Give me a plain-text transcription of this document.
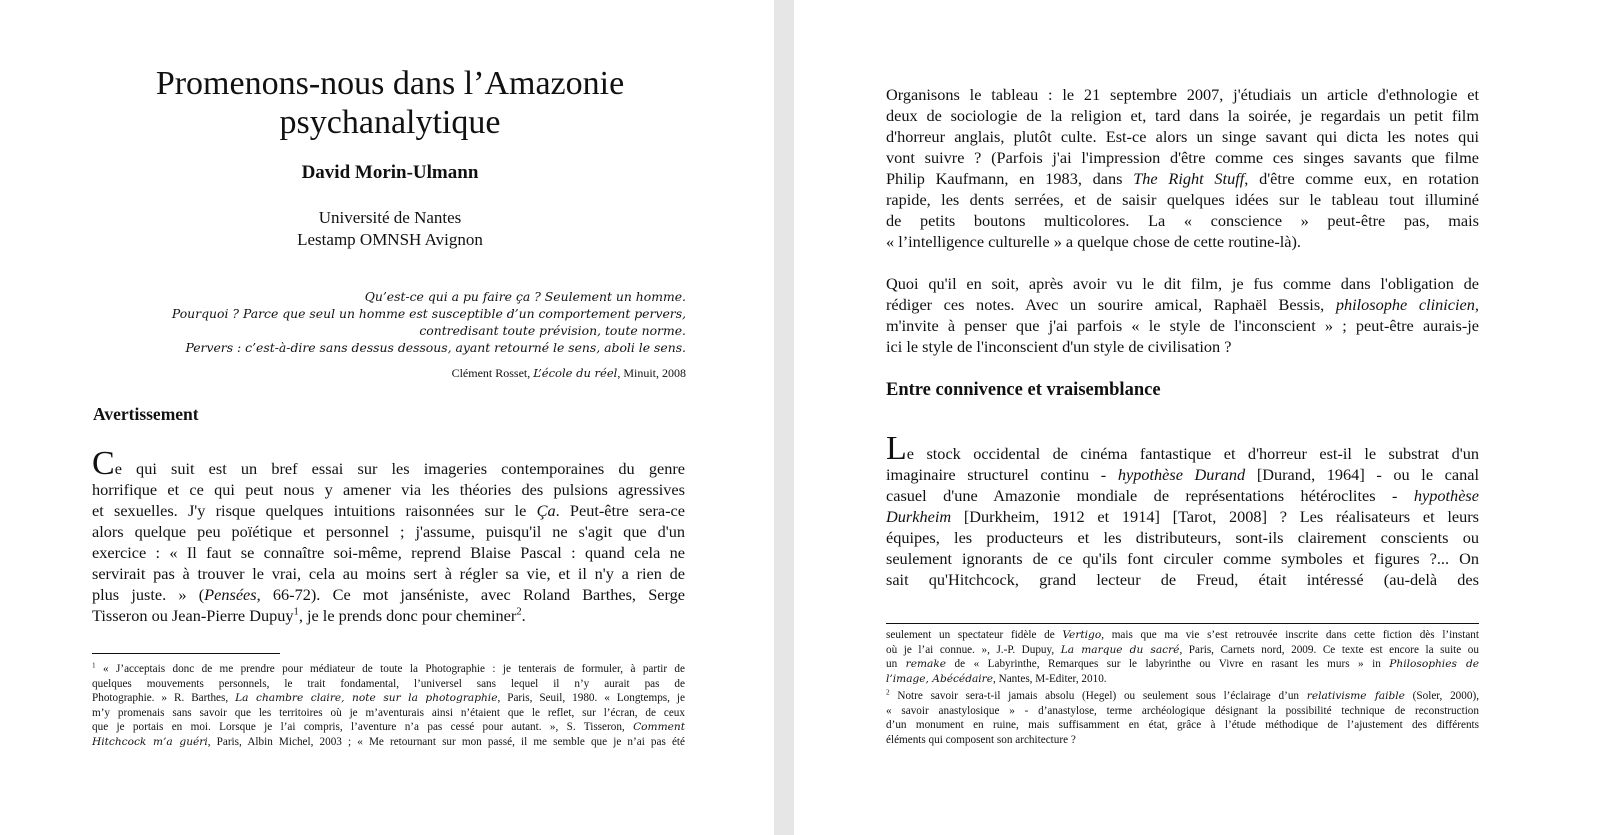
Promenons-nous dans l’Amazonie
psychanalytique
David Morin-Ulmann
Université de Nantes
Lestamp OMNSH Avignon
Qu’est-ce qui a pu faire ça ? Seulement un homme.
Pourquoi ? Parce que seul un homme est susceptible d’un comportement pervers,
contredisant toute prévision, toute norme.
Pervers : c’est-à-dire sans dessus dessous, ayant retourné le sens, aboli le sens.
Clément Rosset, L’école du réel, Minuit, 2008
Avertissement
Ce qui suit est un bref essai sur les imageries contemporaines du genre
horrifique et ce qui peut nous y amener via les théories des pulsions agressives
et sexuelles. J'y risque quelques intuitions raisonnées sur le Ça. Peut-être sera-ce
alors quelque peu poïétique et personnel ; j'assume, puisqu'il ne s'agit que d'un
exercice : « Il faut se connaître soi-même, reprend Blaise Pascal : quand cela ne
servirait pas à trouver le vrai, cela au moins sert à régler sa vie, et il n'y a rien de
plus juste. » (Pensées, 66-72). Ce mot janséniste, avec Roland Barthes, Serge
Tisseron ou Jean-Pierre Dupuy$^1$, je le prends donc pour cheminer$^2$.
$^1$ « J’acceptais donc de me prendre pour médiateur de toute la Photographie : je tenterais de formuler, à partir de
quelques mouvements personnels, le trait fondamental, l’universel sans lequel il n’y aurait pas de
Photographie. » R. Barthes, La chambre claire, note sur la photographie, Paris, Seuil, 1980. « Longtemps, je
m’y promenais sans savoir que les territoires où je m’aventurais ainsi n’étaient que le reflet, sur l’écran, de ceux
que je portais en moi. Lorsque je l’ai compris, l’aventure n’a pas cessé pour autant. », S. Tisseron, Comment
Hitchcock m’a guéri, Paris, Albin Michel, 2003 ; « Me retournant sur mon passé, il me semble que je n’ai pas été
Organisons le tableau : le 21 septembre 2007, j'étudiais un article d'ethnologie et
deux de sociologie de la religion et, tard dans la soirée, je regardais un petit film
d'horreur anglais, plutôt culte. Est-ce alors un singe savant qui dicta les notes qui
vont suivre ? (Parfois j'ai l'impression d'être comme ces singes savants que filme
Philip Kaufmann, en 1983, dans The Right Stuff, d'être comme eux, en rotation
rapide, les dents serrées, et de saisir quelques idées sur le tableau tout illuminé
de petits boutons multicolores. La « conscience » peut-être pas, mais
« l’intelligence culturelle » a quelque chose de cette routine-là).
Quoi qu'il en soit, après avoir vu le dit film, je fus comme dans l'obligation de
rédiger ces notes. Avec un sourire amical, Raphaël Bessis, philosophe clinicien,
m'invite à penser que j'ai parfois « le style de l'inconscient » ; peut-être aurais-je
ici le style de l'inconscient d'un style de civilisation ?
Entre connivence et vraisemblance
Le stock occidental de cinéma fantastique et d'horreur est-il le substrat d'un
imaginaire structurel continu - hypothèse Durand [Durand, 1964] - ou le canal
casuel d'une Amazonie mondiale de représentations hétéroclites - hypothèse
Durkheim [Durkheim, 1912 et 1914] [Tarot, 2008] ? Les réalisateurs et leurs
équipes, les producteurs et les distributeurs, sont-ils clairement conscients ou
seulement ignorants de ce qu'ils font circuler comme symboles et figures ?... On
sait qu'Hitchcock, grand lecteur de Freud, était intéressé (au-delà des
seulement un spectateur fidèle de Vertigo, mais que ma vie s’est retrouvée inscrite dans cette fiction dès l’instant
où je l’ai connue. », J.-P. Dupuy, La marque du sacré, Paris, Carnets nord, 2009. Ce texte est encore la suite ou
un remake de « Labyrinthe, Remarques sur le labyrinthe ou Vivre en rasant les murs » in Philosophies de
l’image, Abécédaire, Nantes, M-Editer, 2010.
$^2$ Notre savoir sera-t-il jamais absolu (Hegel) ou seulement sous l’éclairage d’un relativisme faible (Soler, 2000),
« savoir anastylosique » - d’anastylose, terme archéologique désignant la possibilité technique de reconstruction
d’un monument en ruine, mais suffisamment en état, grâce à l’étude méthodique de l’ajustement des différents
éléments qui composent son architecture ?
